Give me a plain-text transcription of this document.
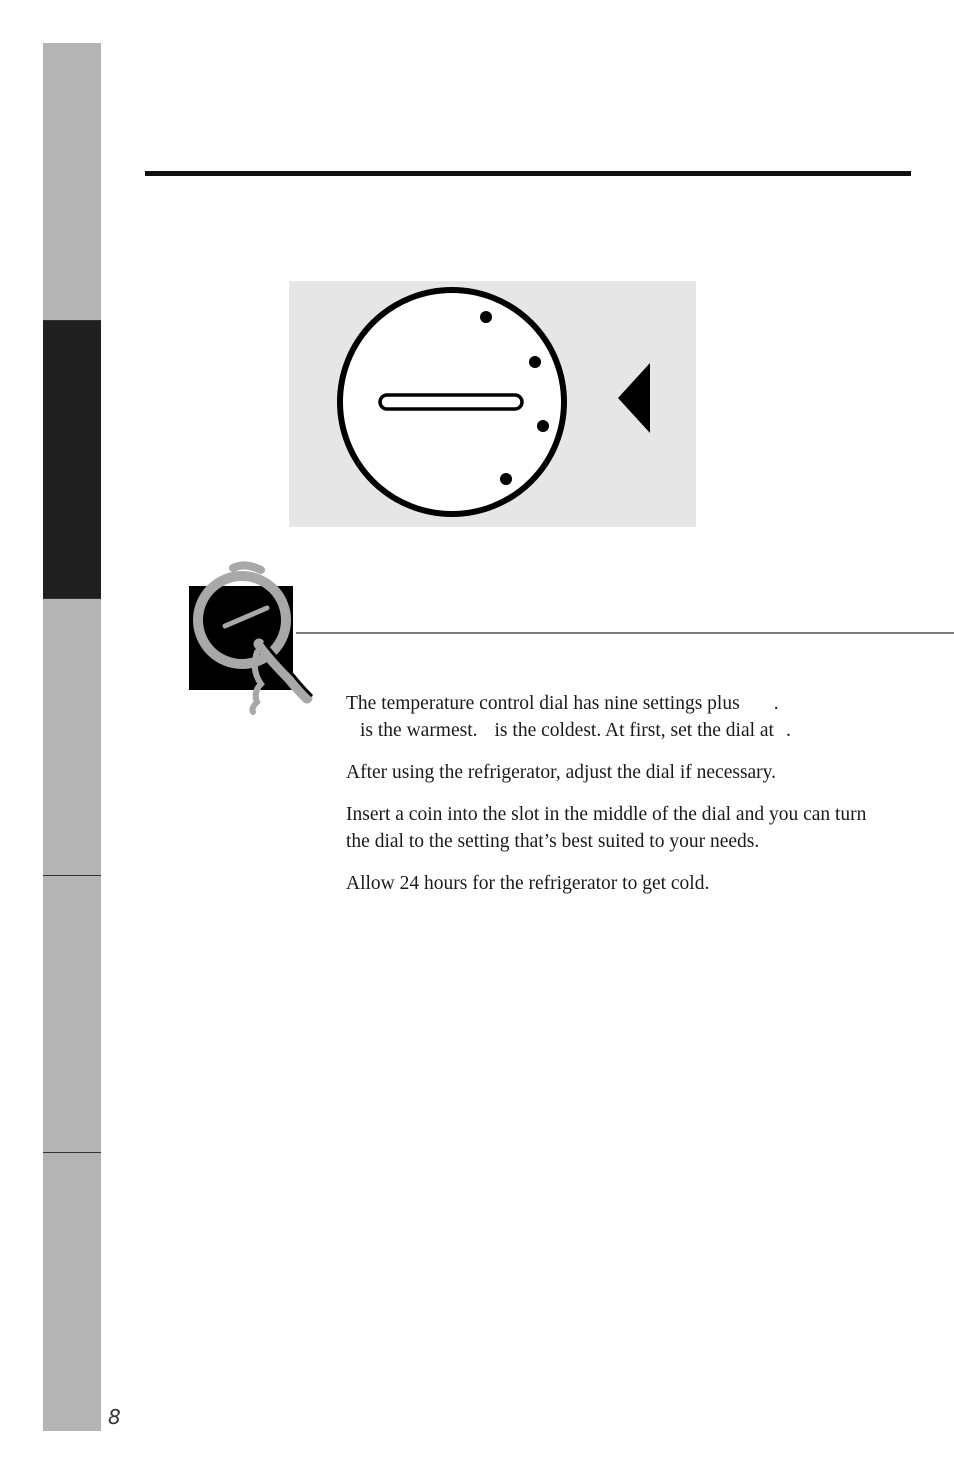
The temperature control dial has nine settings plus .
is the warmest. is the coldest. At first, set the dial at .

After using the refrigerator, adjust the dial if necessary.

Insert a coin into the slot in the middle of the dial and you can turn
the dial to the setting that’s best suited to your needs.

Allow 24 hours for the refrigerator to get cold.

8
